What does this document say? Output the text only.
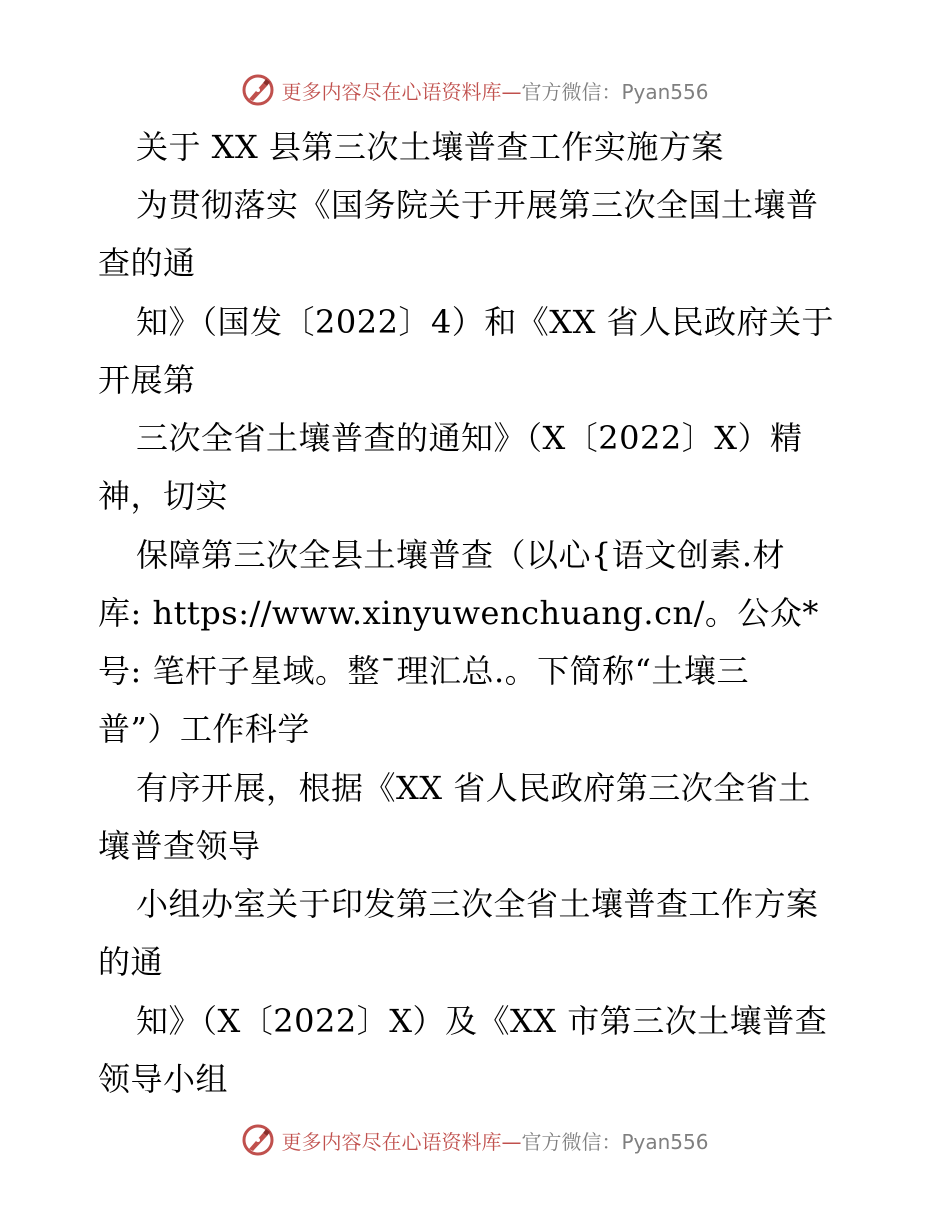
更多内容尽在心语资料库—官方微信：Pyan556
关于 XX 县第三次土壤普查工作实施方案
为贯彻落实《国务院关于开展第三次全国土壤普
查的通
知》（国发〔2022〕4）和《XX 省人民政府关于
开展第
三次全省土壤普查的通知》（X〔2022〕X）精
神，切实
保障第三次全县土壤普查（以心{语文创素.材
库: https://www.xinyuwenchuang.cn/。公众*
号: 笔杆子星域。整¯理汇总.。下简称“土壤三
普”）工作科学
有序开展，根据《XX 省人民政府第三次全省土
壤普查领导
小组办室关于印发第三次全省土壤普查工作方案
的通
知》（X〔2022〕X）及《XX 市第三次土壤普查
领导小组
更多内容尽在心语资料库—官方微信：Pyan556
